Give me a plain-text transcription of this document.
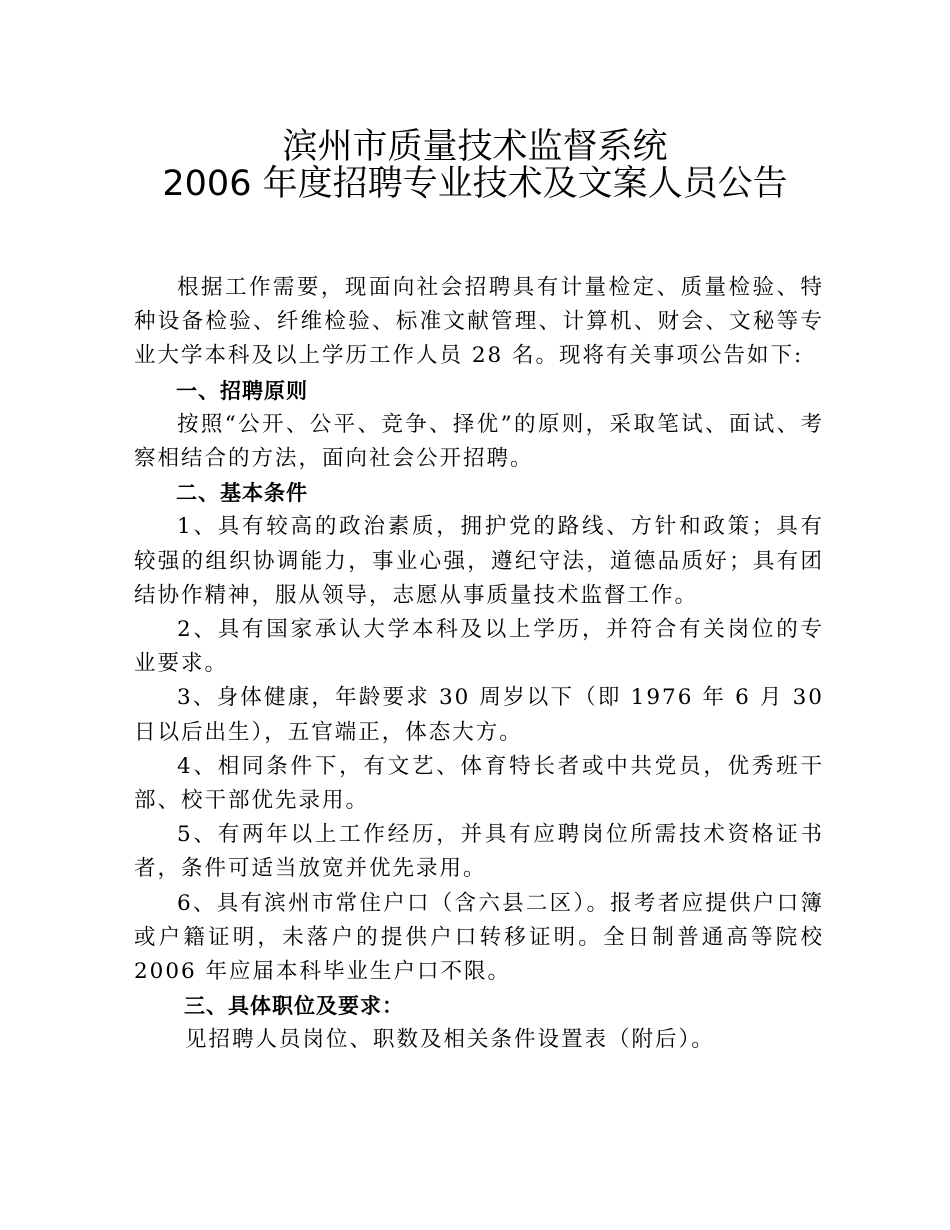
滨州市质量技术监督系统
2006 年度招聘专业技术及文案人员公告

根据工作需要，现面向社会招聘具有计量检定、质量检验、特种设备检验、纤维检验、标准文献管理、计算机、财会、文秘等专业大学本科及以上学历工作人员 28 名。现将有关事项公告如下:

一、招聘原则

按照“公开、公平、竞争、择优”的原则，采取笔试、面试、考察相结合的方法，面向社会公开招聘。

二、基本条件

1、具有较高的政治素质，拥护党的路线、方针和政策；具有较强的组织协调能力，事业心强，遵纪守法，道德品质好；具有团结协作精神，服从领导，志愿从事质量技术监督工作。

2、具有国家承认大学本科及以上学历，并符合有关岗位的专业要求。

3、身体健康，年龄要求 30 周岁以下（即 1976 年 6 月 30 日以后出生），五官端正，体态大方。

4、相同条件下，有文艺、体育特长者或中共党员，优秀班干部、校干部优先录用。

5、有两年以上工作经历，并具有应聘岗位所需技术资格证书者，条件可适当放宽并优先录用。

6、具有滨州市常住户口（含六县二区）。报考者应提供户口簿或户籍证明，未落户的提供户口转移证明。全日制普通高等院校 2006 年应届本科毕业生户口不限。

三、具体职位及要求：

见招聘人员岗位、职数及相关条件设置表（附后）。
